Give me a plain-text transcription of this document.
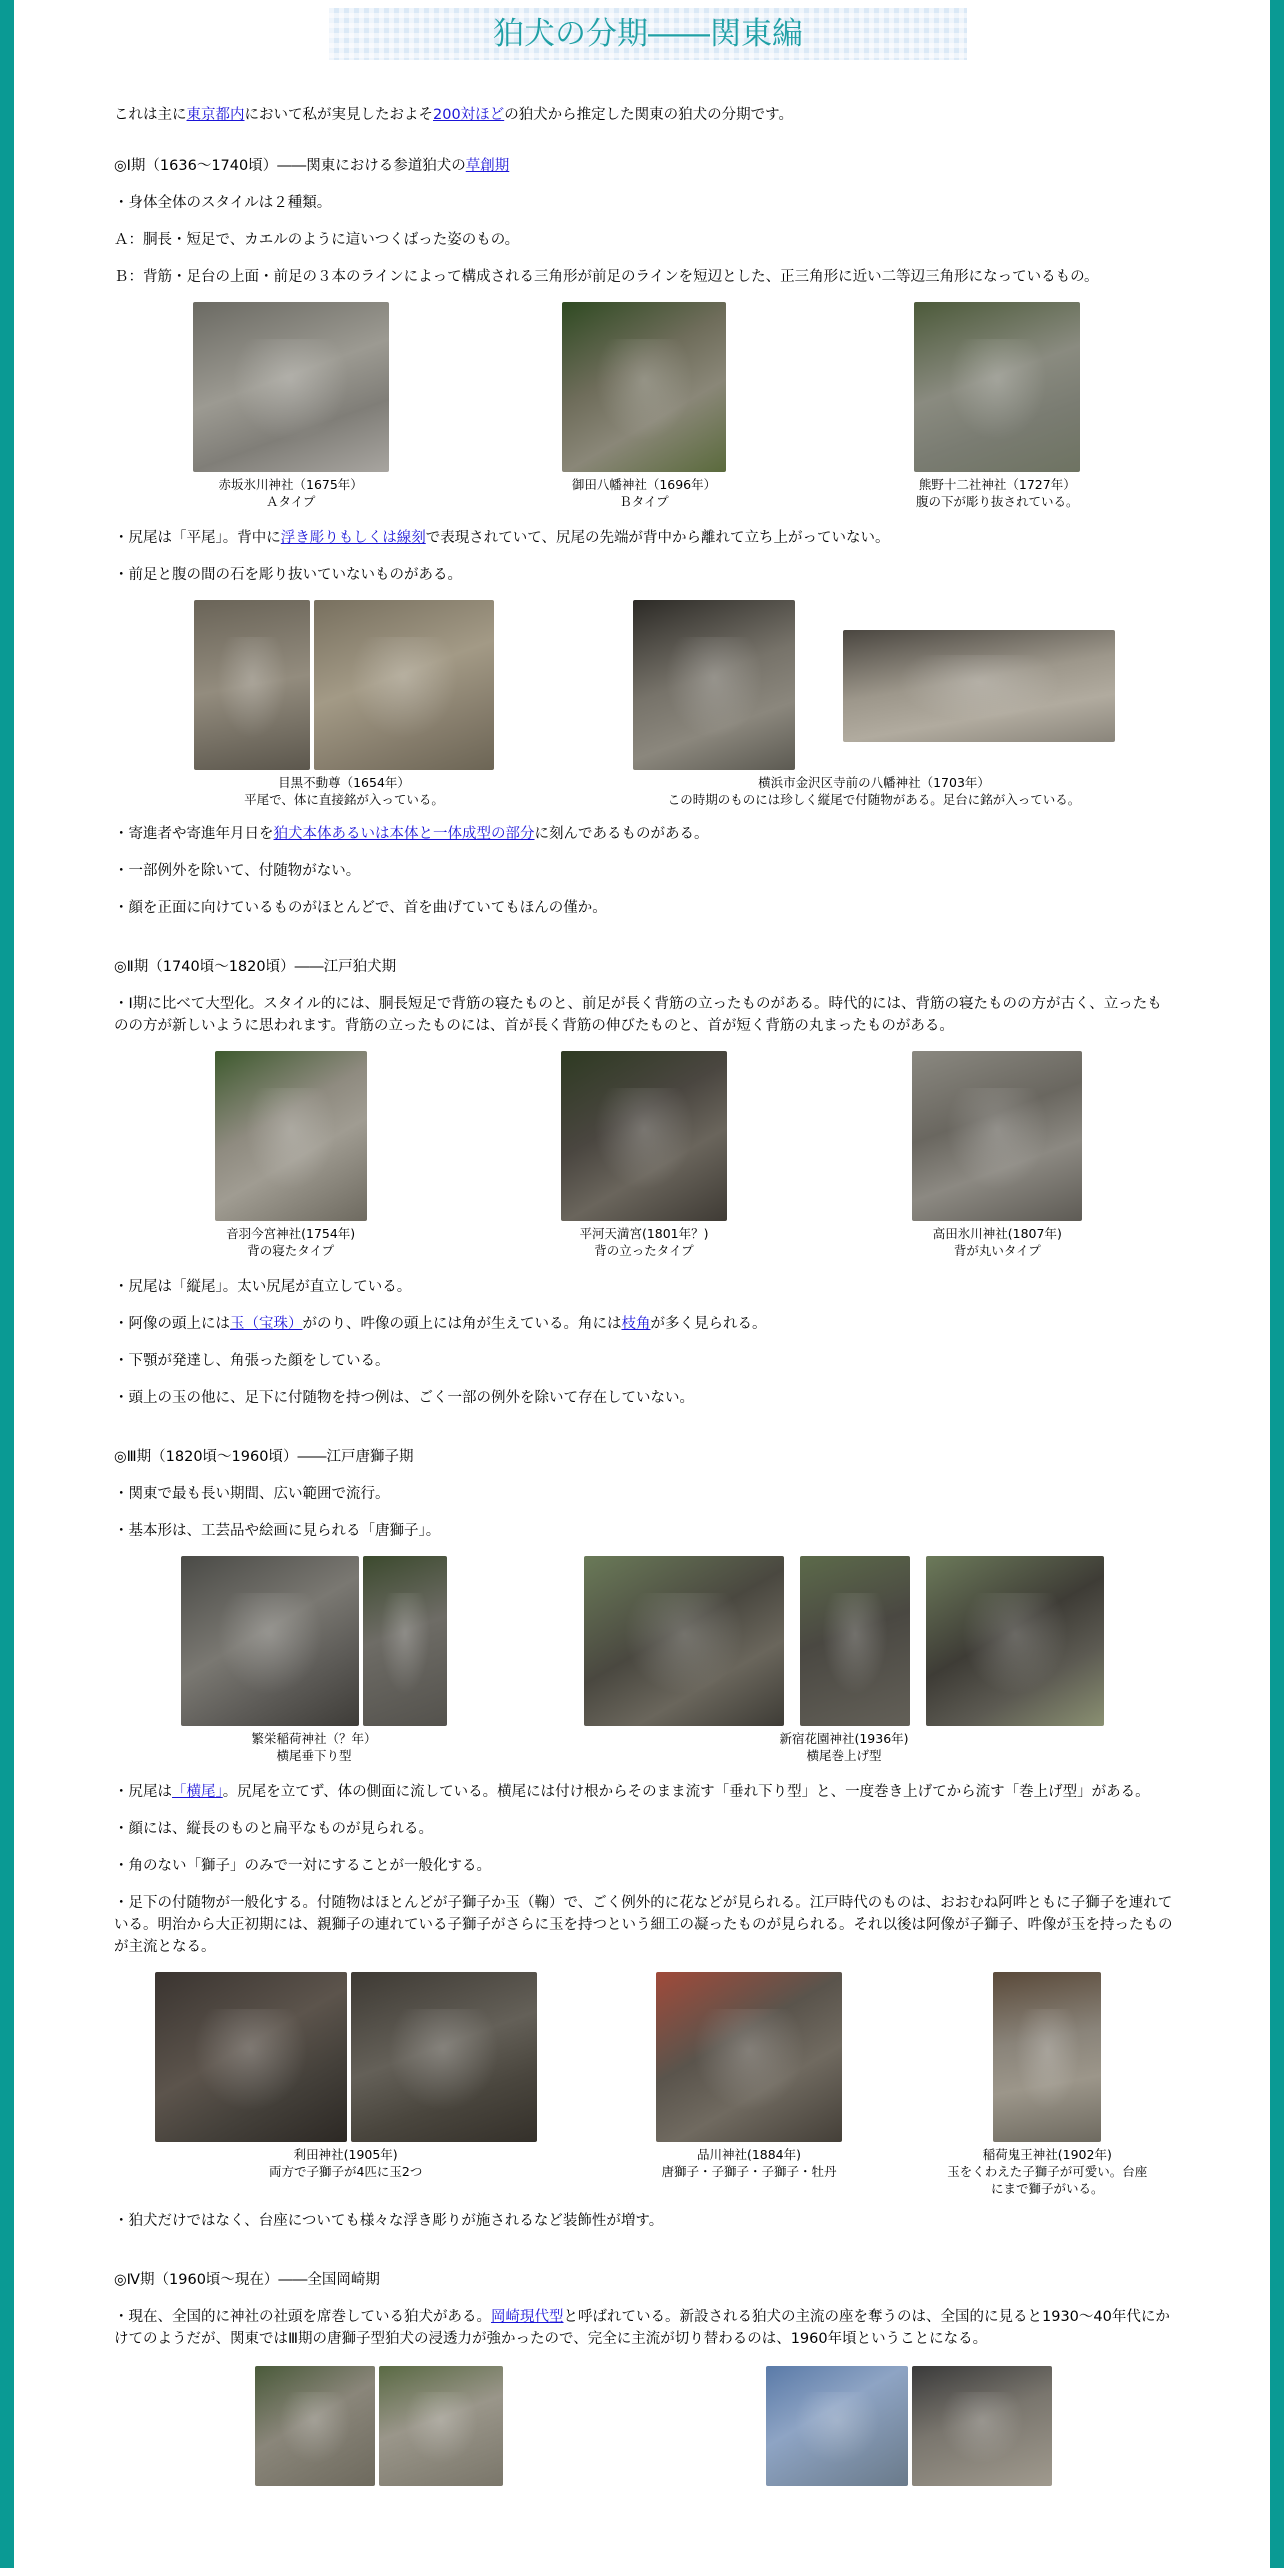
狛犬の分期――関東編

これは主に東京都内において私が実見したおよそ200対ほどの狛犬から推定した関東の狛犬の分期です。

◎Ⅰ期（1636～1740頃）――関東における参道狛犬の草創期

・身体全体のスタイルは２種類。

Ａ：胴長・短足で、カエルのように這いつくばった姿のもの。

Ｂ：背筋・足台の上面・前足の３本のラインによって構成される三角形が前足のラインを短辺とした、正三角形に近い二等辺三角形になっているもの。

赤坂氷川神社（1675年）
Ａタイプ
御田八幡神社（1696年）
Ｂタイプ
熊野十二社神社（1727年）
腹の下が彫り抜されている。

・尻尾は「平尾」。背中に浮き彫りもしくは線刻で表現されていて、尻尾の先端が背中から離れて立ち上がっていない。

・前足と腹の間の石を彫り抜いていないものがある。

目黒不動尊（1654年）
平尾で、体に直接銘が入っている。
横浜市金沢区寺前の八幡神社（1703年）
この時期のものには珍しく縦尾で付随物がある。足台に銘が入っている。

・寄進者や寄進年月日を狛犬本体あるいは本体と一体成型の部分に刻んであるものがある。

・一部例外を除いて、付随物がない。

・顔を正面に向けているものがほとんどで、首を曲げていてもほんの僅か。

◎Ⅱ期（1740頃～1820頃）――江戸狛犬期

・Ⅰ期に比べて大型化。スタイル的には、胴長短足で背筋の寝たものと、前足が長く背筋の立ったものがある。時代的には、背筋の寝たものの方が古く、立ったものの方が新しいように思われます。背筋の立ったものには、首が長く背筋の伸びたものと、首が短く背筋の丸まったものがある。

音羽今宮神社(1754年)
背の寝たタイプ
平河天満宮(1801年？)
背の立ったタイプ
高田氷川神社(1807年)
背が丸いタイプ

・尻尾は「縦尾」。太い尻尾が直立している。

・阿像の頭上には玉（宝珠）がのり、吽像の頭上には角が生えている。角には枝角が多く見られる。

・下顎が発達し、角張った顔をしている。

・頭上の玉の他に、足下に付随物を持つ例は、ごく一部の例外を除いて存在していない。

◎Ⅲ期（1820頃～1960頃）――江戸唐獅子期

・関東で最も長い期間、広い範囲で流行。

・基本形は、工芸品や絵画に見られる「唐獅子」。

繁栄稲荷神社（？年）
横尾垂下り型
新宿花園神社(1936年)
横尾巻上げ型

・尻尾は「横尾」。尻尾を立てず、体の側面に流している。横尾には付け根からそのまま流す「垂れ下り型」と、一度巻き上げてから流す「巻上げ型」がある。

・顔には、縦長のものと扁平なものが見られる。

・角のない「獅子」のみで一対にすることが一般化する。

・足下の付随物が一般化する。付随物はほとんどが子獅子か玉（鞠）で、ごく例外的に花などが見られる。江戸時代のものは、おおむね阿吽ともに子獅子を連れている。明治から大正初期には、親獅子の連れている子獅子がさらに玉を持つという細工の凝ったものが見られる。それ以後は阿像が子獅子、吽像が玉を持ったものが主流となる。

利田神社(1905年)
両方で子獅子が4匹に玉2つ
品川神社(1884年)
唐獅子・子獅子・子獅子・牡丹
稲荷鬼王神社(1902年)
玉をくわえた子獅子が可愛い。台座にまで獅子がいる。

・狛犬だけではなく、台座についても様々な浮き彫りが施されるなど装飾性が増す。

◎Ⅳ期（1960頃～現在）――全国岡崎期

・現在、全国的に神社の社頭を席巻している狛犬がある。岡崎現代型と呼ばれている。新設される狛犬の主流の座を奪うのは、全国的に見ると1930～40年代にかけてのようだが、関東ではⅢ期の唐獅子型狛犬の浸透力が強かったので、完全に主流が切り替わるのは、1960年頃ということになる。
